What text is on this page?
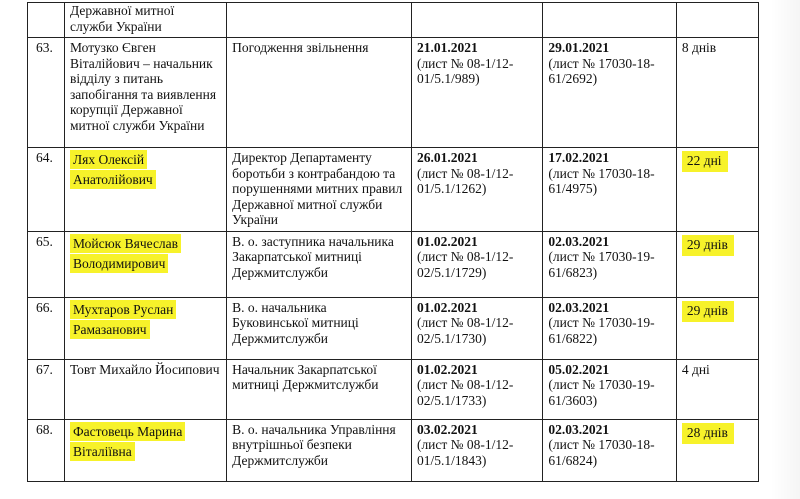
	Державної митної
служби України				
63.	Мотузко Євген Віталійович – начальник відділу з питань запобігання та виявлення корупції Державної митної служби України	Погодження звільнення	21.01.2021
(лист № 08-1/12-01/5.1/989)	29.01.2021
(лист № 17030-18-61/2692)	8 днів
64.	Лях Олексій Анатолійович	Директор Департаменту боротьби з контрабандою та порушеннями митних правил Державної митної служби України	26.01.2021
(лист № 08-1/12-01/5.1/1262)	17.02.2021
(лист № 17030-18-61/4975)	22 дні
65.	Мойсюк Вячеслав Володимирович	В. о. заступника начальника Закарпатської митниці Держмитслужби	01.02.2021
(лист № 08-1/12-02/5.1/1729)	02.03.2021
(лист № 17030-19-61/6823)	29 днів
66.	Мухтаров Руслан Рамазанович	В. о. начальника Буковинської митниці Держмитслужби	01.02.2021
(лист № 08-1/12-02/5.1/1730)	02.03.2021
(лист № 17030-19-61/6822)	29 днів
67.	Товт Михайло Йосипович	Начальник Закарпатської митниці Держмитслужби	01.02.2021
(лист № 08-1/12-02/5.1/1733)	05.02.2021
(лист № 17030-19-61/3603)	4 дні
68.	Фастовець Марина Віталіївна	В. о. начальника Управління внутрішньої безпеки Держмитслужби	03.02.2021
(лист № 08-1/12-01/5.1/1843)	02.03.2021
(лист № 17030-18-61/6824)	28 днів
